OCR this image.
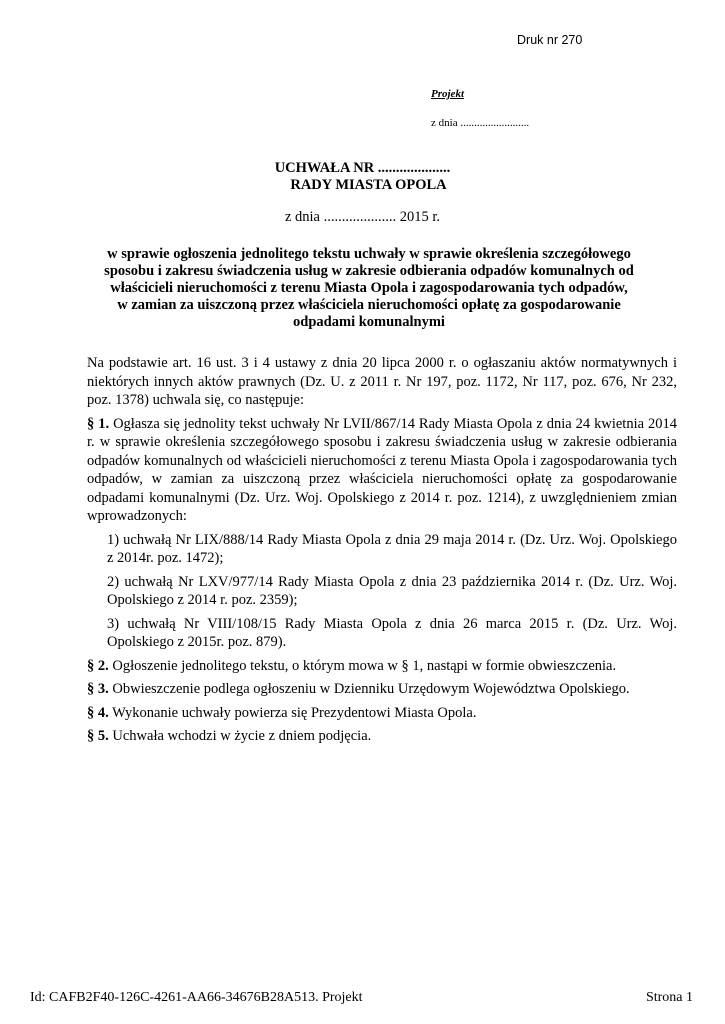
Druk nr 270
Projekt
z dnia .........................
UCHWAŁA NR ....................
RADY MIASTA OPOLA
z dnia .................... 2015 r.
w sprawie ogłoszenia jednolitego tekstu uchwały w sprawie określenia szczegółowego
sposobu i zakresu świadczenia usług w zakresie odbierania odpadów komunalnych od
właścicieli nieruchomości z terenu Miasta Opola i zagospodarowania tych odpadów,
w zamian za uiszczoną przez właściciela nieruchomości opłatę za gospodarowanie
odpadami komunalnymi

Na podstawie art. 16 ust. 3 i 4 ustawy z dnia 20 lipca 2000 r. o ogłaszaniu aktów normatywnych i niektórych innych aktów prawnych (Dz. U. z 2011 r. Nr 197, poz. 1172, Nr 117, poz. 676, Nr 232, poz. 1378) uchwala się, co następuje:

§ 1. Ogłasza się jednolity tekst uchwały Nr LVII/867/14 Rady Miasta Opola z dnia 24 kwietnia 2014 r. w sprawie określenia szczegółowego sposobu i zakresu świadczenia usług w zakresie odbierania odpadów komunalnych od właścicieli nieruchomości z terenu Miasta Opola i zagospodarowania tych odpadów, w zamian za uiszczoną przez właściciela nieruchomości opłatę za gospodarowanie odpadami komunalnymi (Dz. Urz. Woj. Opolskiego z 2014 r. poz. 1214), z uwzględnieniem zmian wprowadzonych:

1) uchwałą Nr LIX/888/14 Rady Miasta Opola z dnia 29 maja 2014 r. (Dz. Urz. Woj. Opolskiego z 2014r. poz. 1472);

2) uchwałą Nr LXV/977/14 Rady Miasta Opola z dnia 23 października 2014 r. (Dz. Urz. Woj. Opolskiego z 2014 r. poz. 2359);

3) uchwałą Nr VIII/108/15 Rady Miasta Opola z dnia 26 marca 2015 r. (Dz. Urz. Woj. Opolskiego z 2015r. poz. 879).

§ 2. Ogłoszenie jednolitego tekstu, o którym mowa w § 1, nastąpi w formie obwieszczenia.

§ 3. Obwieszczenie podlega ogłoszeniu w Dzienniku Urzędowym Województwa Opolskiego.

§ 4. Wykonanie uchwały powierza się Prezydentowi Miasta Opola.

§ 5. Uchwała wchodzi w życie z dniem podjęcia.

Id: CAFB2F40-126C-4261-AA66-34676B28A513. Projekt	Strona 1
